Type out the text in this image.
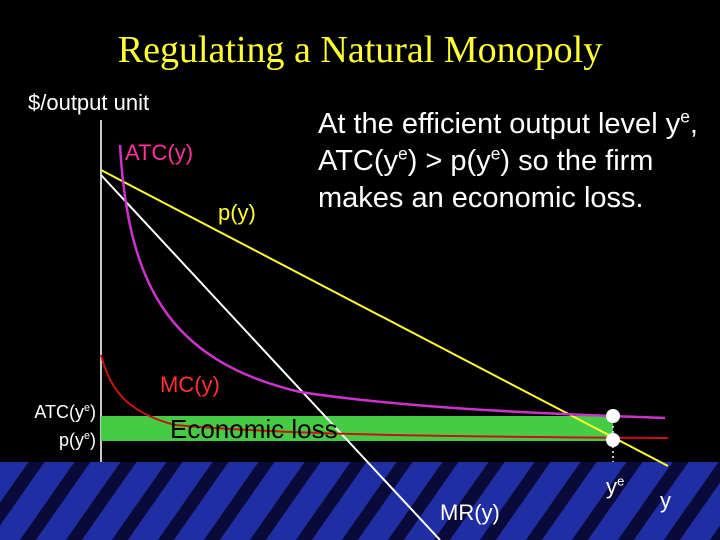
Regulating a Natural Monopoly
$/output unit
ATC(y)
p(y)
MC(y)
MR(y)
Economic loss
$ATC(y^e)$
$p(y^e)$
$y^e$
y
At the efficient output level $y^e$, $ATC(y^e) > p(y^e)$ so the firm makes an economic loss.
